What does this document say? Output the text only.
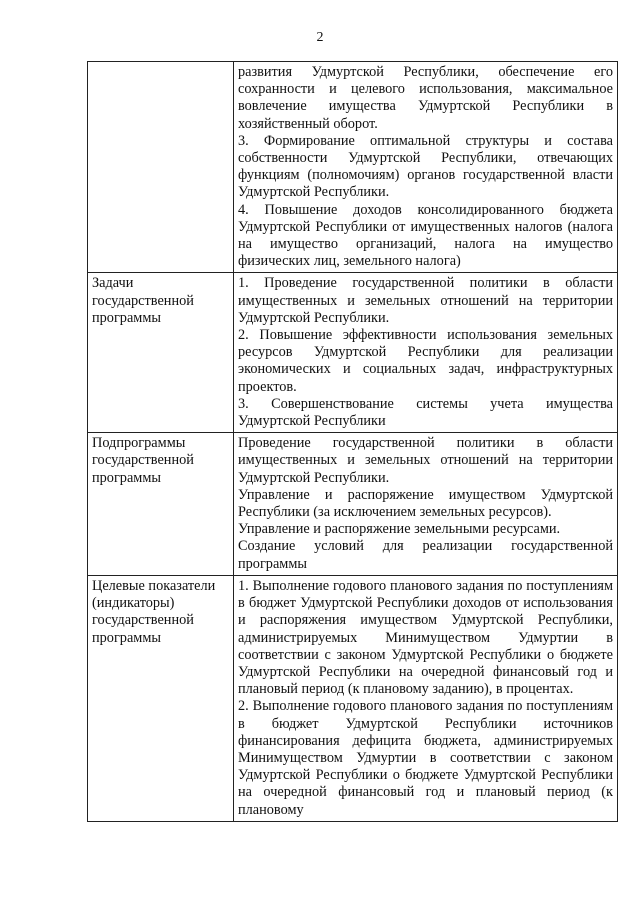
2

	развития Удмуртской Республики, обеспечение его сохранности и целевого использования, максимальное вовлечение имущества Удмуртской Республики в хозяйственный оборот.
3. Формирование оптимальной структуры и состава собственности Удмуртской Республики, отвечающих функциям (полномочиям) органов государственной власти Удмуртской Республики.
4. Повышение доходов консолидированного бюджета Удмуртской Республики от имущественных налогов (налога на имущество организаций, налога на имущество физических лиц, земельного налога)

Задачи государственной программы	1. Проведение государственной политики в области имущественных и земельных отношений на территории Удмуртской Республики.
2. Повышение эффективности использования земельных ресурсов Удмуртской Республики для реализации экономических и социальных задач, инфраструктурных проектов.
3. Совершенствование системы учета имущества Удмуртской Республики

Подпрограммы государственной программы	Проведение государственной политики в области имущественных и земельных отношений на территории Удмуртской Республики.
Управление и распоряжение имуществом Удмуртской Республики (за исключением земельных ресурсов).
Управление и распоряжение земельными ресурсами.
Создание условий для реализации государственной программы

Целевые показатели (индикаторы) государственной программы	1. Выполнение годового планового задания по поступлениям в бюджет Удмуртской Республики доходов от использования и распоряжения имуществом Удмуртской Республики, администрируемых Минимуществом Удмуртии в соответствии с законом Удмуртской Республики о бюджете Удмуртской Республики на очередной финансовый год и плановый период (к плановому заданию), в процентах.
2. Выполнение годового планового задания по поступлениям в бюджет Удмуртской Республики источников финансирования дефицита бюджета, администрируемых Минимуществом Удмуртии в соответствии с законом Удмуртской Республики о бюджете Удмуртской Республики на очередной финансовый год и плановый период (к плановому
